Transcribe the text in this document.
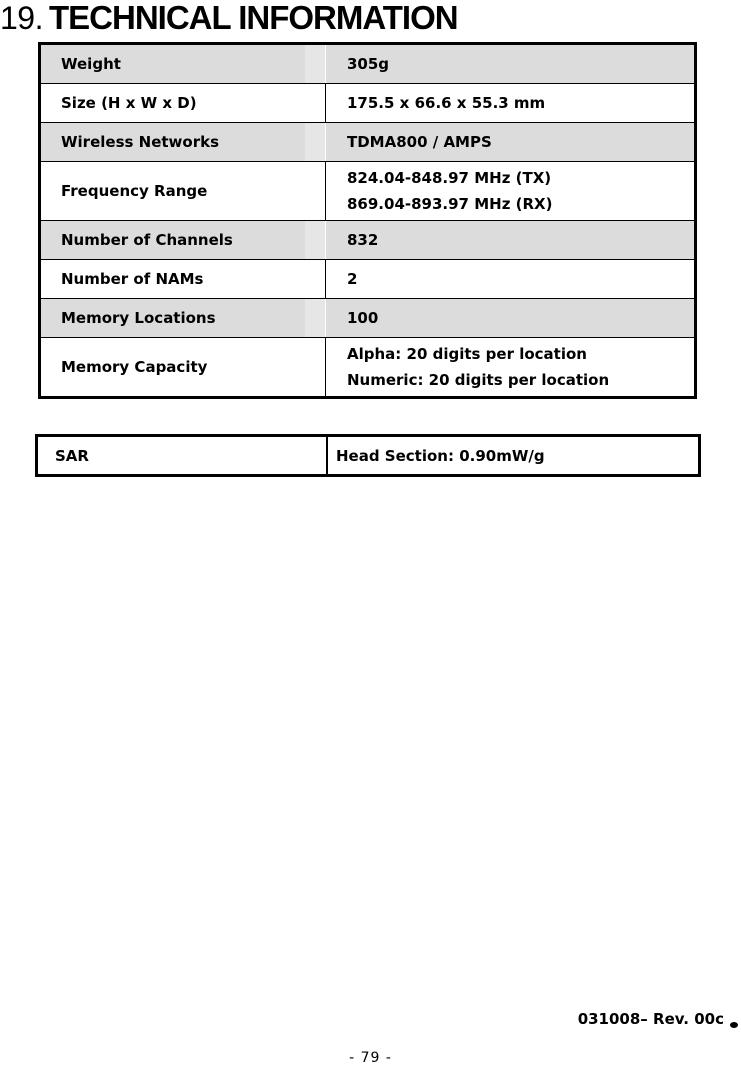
19. TECHNICAL INFORMATION
Weight	305g

Size (H x W x D)	175.5 x 66.6 x 55.3 mm

Wireless Networks	TDMA800 / AMPS

Frequency Range	824.04-848.97 MHz (TX)
869.04-893.97 MHz (RX)

Number of Channels	832

Number of NAMs	2

Memory Locations	100

Memory Capacity	Alpha: 20 digits per location
Numeric: 20 digits per location
SAR	Head Section: 0.90mW/g
031008– Rev. 00c
- 79 -
